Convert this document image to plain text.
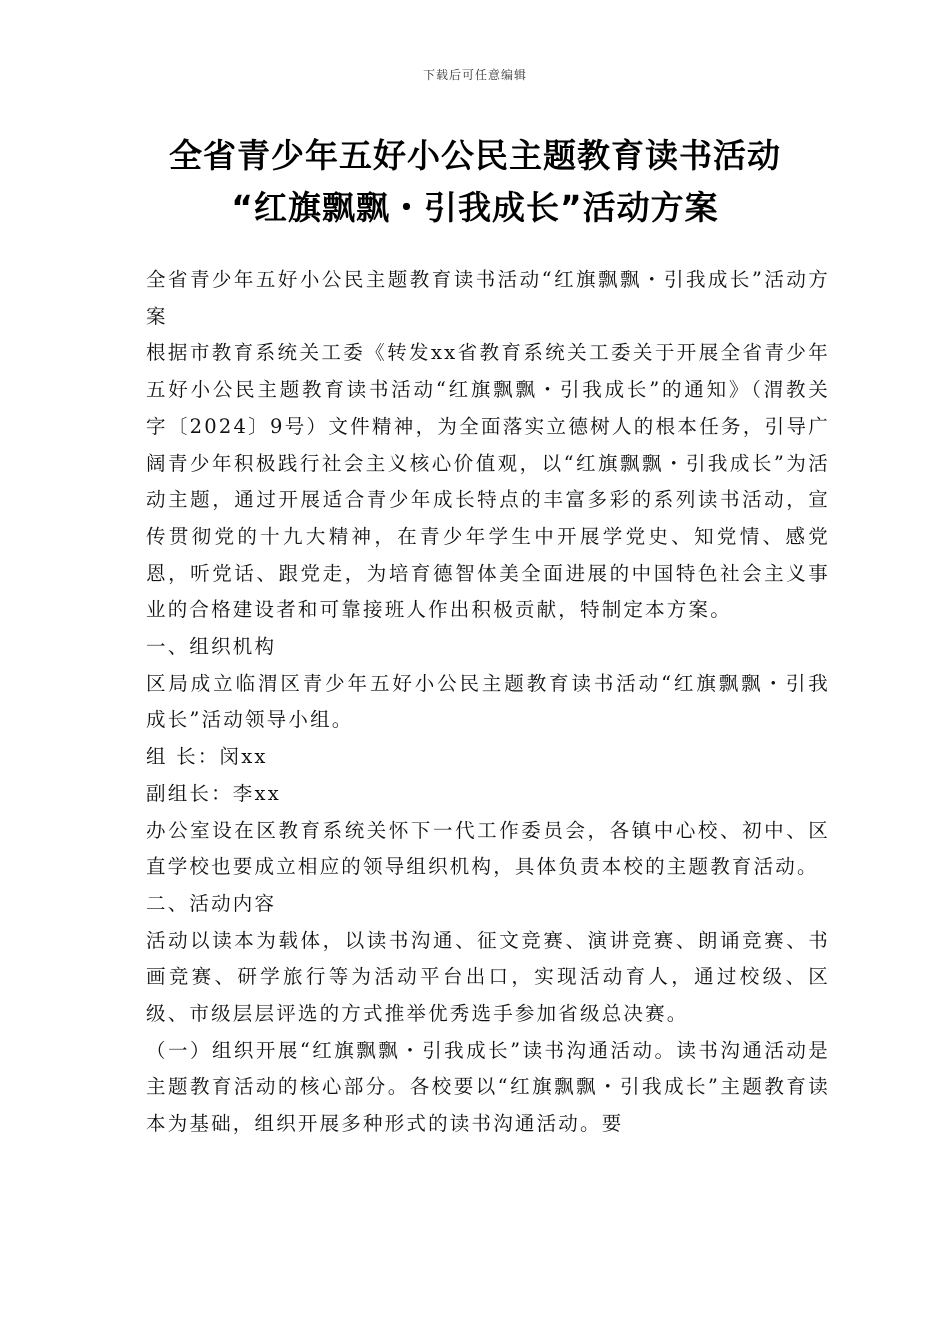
下载后可任意编辑
全省青少年五好小公民主题教育读书活动
“红旗飘飘・引我成长”活动方案

全省青少年五好小公民主题教育读书活动“红旗飘飘・引我成长”活动方案

根据市教育系统关工委《转发xx省教育系统关工委关于开展全省青少年五好小公民主题教育读书活动“红旗飘飘・引我成长”的通知》（渭教关字〔2024〕9号）文件精神，为全面落实立德树人的根本任务，引导广阔青少年积极践行社会主义核心价值观，以“红旗飘飘・引我成长”为活动主题，通过开展适合青少年成长特点的丰富多彩的系列读书活动，宣传贯彻党的十九大精神，在青少年学生中开展学党史、知党情、感党恩，听党话、跟党走，为培育德智体美全面进展的中国特色社会主义事业的合格建设者和可靠接班人作出积极贡献，特制定本方案。

一、组织机构

区局成立临渭区青少年五好小公民主题教育读书活动“红旗飘飘・引我成长”活动领导小组。

组 长：闵xx

副组长：李xx

办公室设在区教育系统关怀下一代工作委员会，各镇中心校、初中、区直学校也要成立相应的领导组织机构，具体负责本校的主题教育活动。

二、活动内容

活动以读本为载体，以读书沟通、征文竞赛、演讲竞赛、朗诵竞赛、书画竞赛、研学旅行等为活动平台出口，实现活动育人，通过校级、区级、市级层层评选的方式推举优秀选手参加省级总决赛。

（一）组织开展“红旗飘飘・引我成长”读书沟通活动。读书沟通活动是主题教育活动的核心部分。各校要以“红旗飘飘・引我成长”主题教育读本为基础，组织开展多种形式的读书沟通活动。要
